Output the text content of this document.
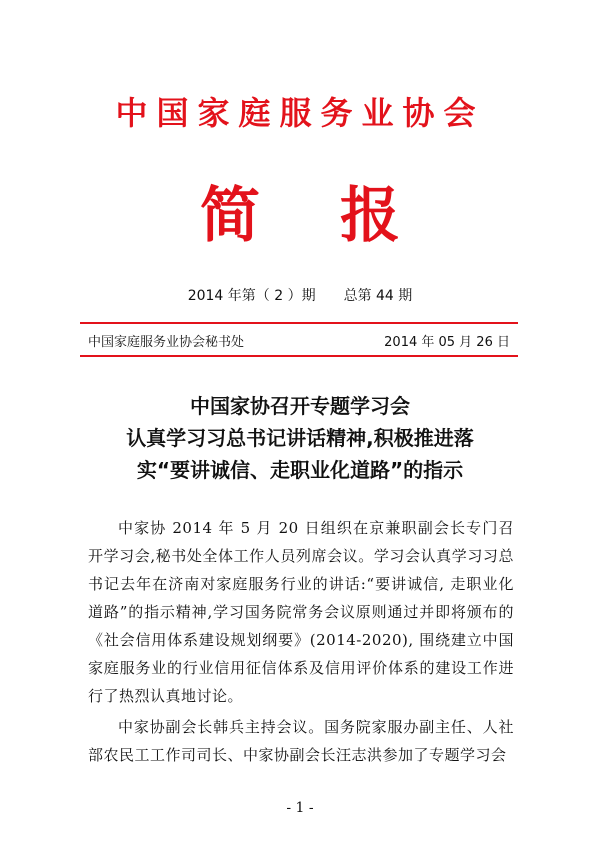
中国家庭服务业协会
简 报
2014 年第（ 2 ）期 总第 44 期
中国家庭服务业协会秘书处	2014 年 05 月 26 日
中国家协召开专题学习会
认真学习习总书记讲话精神,积极推进落
实“要讲诚信、走职业化道路”的指示

中家协 2014 年 5 月 20 日组织在京兼职副会长专门召开学习会,秘书处全体工作人员列席会议。学习会认真学习习总书记去年在济南对家庭服务行业的讲话:“要讲诚信, 走职业化道路”的指示精神,学习国务院常务会议原则通过并即将颁布的《社会信用体系建设规划纲要》(2014-2020), 围绕建立中国家庭服务业的行业信用征信体系及信用评价体系的建设工作进行了热烈认真地讨论。

中家协副会长韩兵主持会议。国务院家服办副主任、人社部农民工工作司司长、中家协副会长汪志洪参加了专题学习会

- 1 -
